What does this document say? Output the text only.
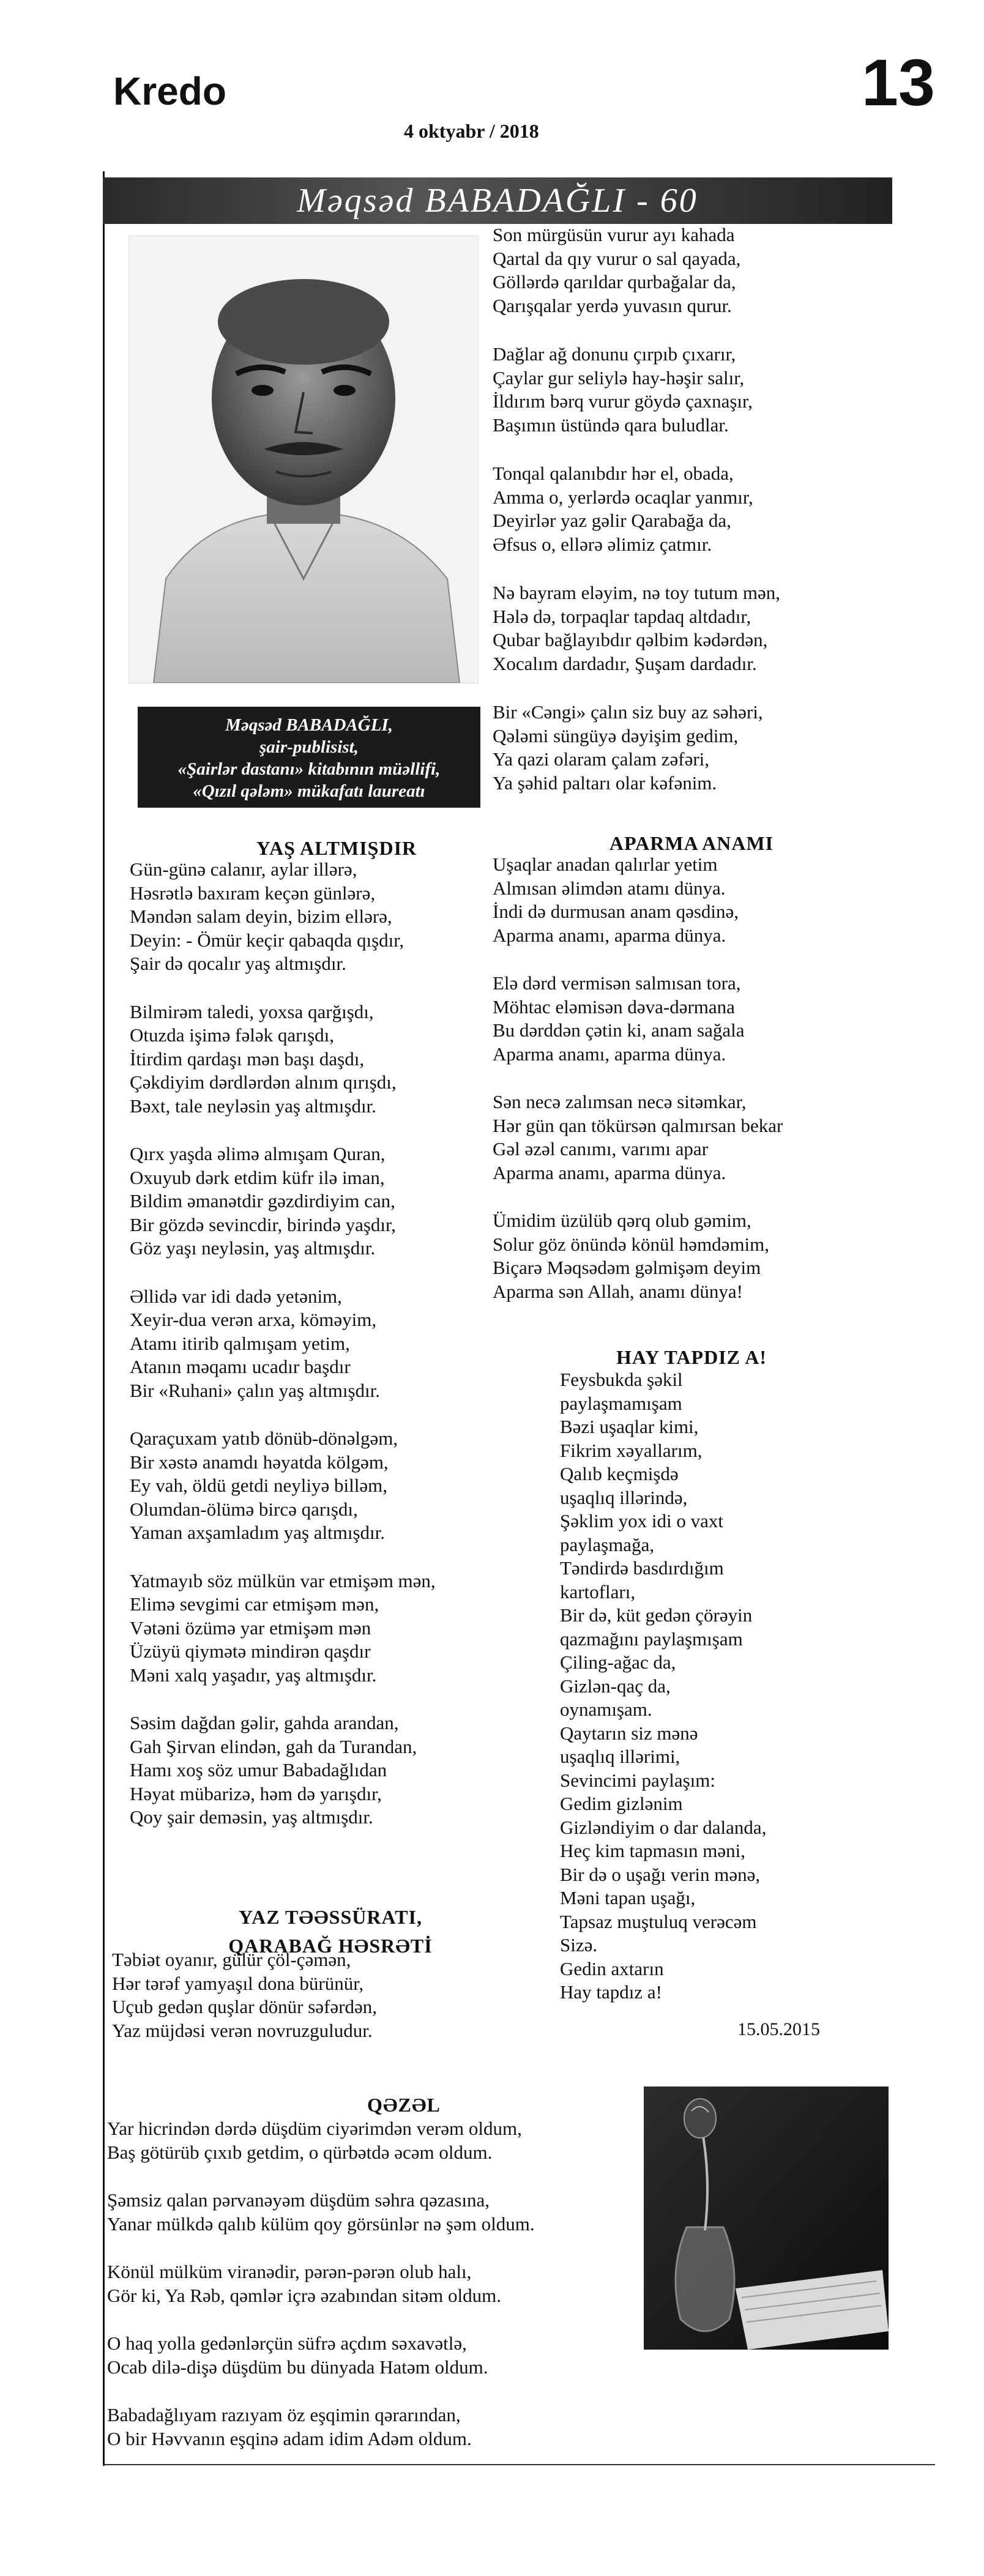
Kredo	13
4 oktyabr / 2018
Məqsəd BABADAĞLI - 60
Məqsəd BABADAĞLI,
şair-publisist,
«Şairlər dastanı» kitabının müəllifi,
«Qızıl qələm» mükafatı laureatı
YAŞ ALTMIŞDIR
Gün-günə calanır, aylar illərə,
Həsrətlə baxıram keçən günlərə,
Məndən salam deyin, bizim ellərə,
Deyin: - Ömür keçir qabaqda qışdır,
Şair də qocalır yaş altmışdır.
Bilmirəm taledi, yoxsa qarğışdı,
Otuzda işimə fələk qarışdı,
İtirdim qardaşı mən başı daşdı,
Çəkdiyim dərdlərdən alnım qırışdı,
Bəxt, tale neyləsin yaş altmışdır.
Qırx yaşda əlimə almışam Quran,
Oxuyub dərk etdim küfr ilə iman,
Bildim əmanətdir gəzdirdiyim can,
Bir gözdə sevincdir, birində yaşdır,
Göz yaşı neyləsin, yaş altmışdır.
Əllidə var idi dadə yetənim,
Xeyir-dua verən arxa, köməyim,
Atamı itirib qalmışam yetim,
Atanın məqamı ucadır başdır
Bir «Ruhani» çalın yaş altmışdır.
Qaraçuxam yatıb dönüb-dönəlgəm,
Bir xəstə anamdı həyatda kölgəm,
Ey vah, öldü getdi neyliyə billəm,
Olumdan-ölümə bircə qarışdı,
Yaman axşamladım yaş altmışdır.
Yatmayıb söz mülkün var etmişəm mən,
Elimə sevgimi car etmişəm mən,
Vətəni özümə yar etmişəm mən
Üzüyü qiymətə mindirən qaşdır
Məni xalq yaşadır, yaş altmışdır.
Səsim dağdan gəlir, gahda arandan,
Gah Şirvan elindən, gah da Turandan,
Hamı xoş söz umur Babadağlıdan
Həyat mübarizə, həm də yarışdır,
Qoy şair deməsin, yaş altmışdır.
YAZ TƏƏSSÜRATI,
QARABAĞ HƏSRƏTİ
Təbiət oyanır, gülür çöl-çəmən,
Hər tərəf yamyaşıl dona bürünür,
Uçub gedən quşlar dönür səfərdən,
Yaz müjdəsi verən novruzguludur.
Son mürgüsün vurur ayı kahada
Qartal da qıy vurur o sal qayada,
Göllərdə qarıldar qurbağalar da,
Qarışqalar yerdə yuvasın qurur.
Dağlar ağ donunu çırpıb çıxarır,
Çaylar gur seliylə hay-həşir salır,
İldırım bərq vurur göydə çaxnaşır,
Başımın üstündə qara buludlar.
Tonqal qalanıbdır hər el, obada,
Amma o, yerlərdə ocaqlar yanmır,
Deyirlər yaz gəlir Qarabağa da,
Əfsus o, ellərə əlimiz çatmır.
Nə bayram eləyim, nə toy tutum mən,
Hələ də, torpaqlar tapdaq altdadır,
Qubar bağlayıbdır qəlbim kədərdən,
Xocalım dardadır, Şuşam dardadır.
Bir «Cəngi» çalın siz buy az səhəri,
Qələmi süngüyə dəyişim gedim,
Ya qazi olaram çalam zəfəri,
Ya şəhid paltarı olar kəfənim.
APARMA ANAMI
Uşaqlar anadan qalırlar yetim
Almısan əlimdən atamı dünya.
İndi də durmusan anam qəsdinə,
Aparma anamı, aparma dünya.
Elə dərd vermisən salmısan tora,
Möhtac eləmisən dəva-dərmana
Bu dərddən çətin ki, anam sağala
Aparma anamı, aparma dünya.
Sən necə zalımsan necə sitəmkar,
Hər gün qan tökürsən qalmırsan bekar
Gəl əzəl canımı, varımı apar
Aparma anamı, aparma dünya.
Ümidim üzülüb qərq olub gəmim,
Solur göz önündə könül həmdəmim,
Biçarə Məqsədəm gəlmişəm deyim
Aparma sən Allah, anamı dünya!
HAY TAPDIZ A!
Feysbukda şəkil
paylaşmamışam
Bəzi uşaqlar kimi,
Fikrim xəyallarım,
Qalıb keçmişdə
uşaqlıq illərində,
Şəklim yox idi o vaxt
paylaşmağa,
Təndirdə basdırdığım
kartofları,
Bir də, küt gedən çörəyin
qazmağını paylaşmışam
Çiling-ağac da,
Gizlən-qaç da,
oynamışam.
Qaytarın siz mənə
uşaqlıq illərimi,
Sevincimi paylaşım:
Gedim gizlənim
Gizləndiyim o dar dalanda,
Heç kim tapmasın məni,
Bir də o uşağı verin mənə,
Məni tapan uşağı,
Tapsaz muştuluq verəcəm
Sizə.
Gedin axtarın
Hay tapdız a!
15.05.2015
QƏZƏL
Yar hicrindən dərdə düşdüm ciyərimdən verəm oldum,
Baş götürüb çıxıb getdim, o qürbətdə əcəm oldum.
Şəmsiz qalan pərvanəyəm düşdüm səhra qəzasına,
Yanar mülkdə qalıb külüm qoy görsünlər nə şəm oldum.
Könül mülküm viranədir, pərən-pərən olub halı,
Gör ki, Ya Rəb, qəmlər içrə əzabından sitəm oldum.
O haq yolla gedənlərçün süfrə açdım səxavətlə,
Ocab dilə-dişə düşdüm bu dünyada Hatəm oldum.
Babadağlıyam razıyam öz eşqimin qərarından,
O bir Həvvanın eşqinə adam idim Adəm oldum.
